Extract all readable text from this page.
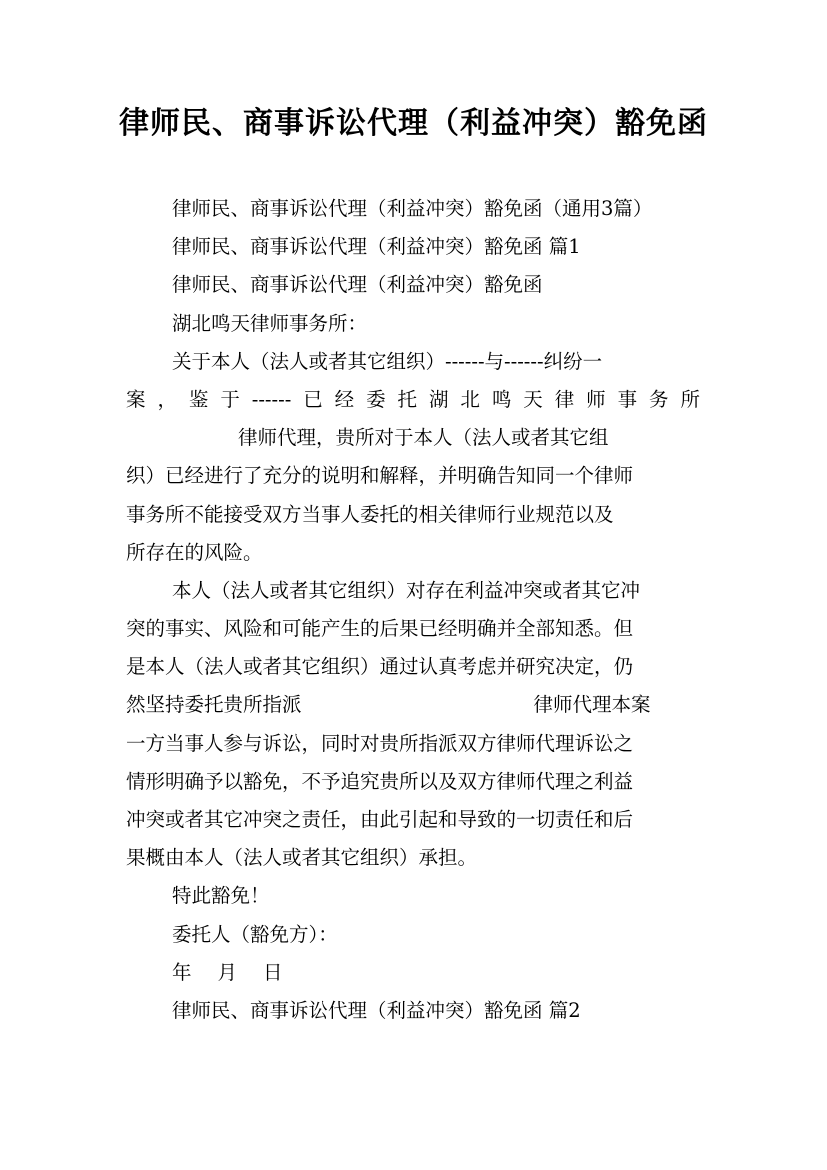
律师民、商事诉讼代理（利益冲突）豁免函
律师民、商事诉讼代理（利益冲突）豁免函（通用3篇）
律师民、商事诉讼代理（利益冲突）豁免函 篇1
律师民、商事诉讼代理（利益冲突）豁免函
湖北鸣天律师事务所：
关于本人（法人或者其它组织）------与------纠纷一
案，鉴于------已经委托湖北鸣天律师事务所
律师代理，贵所对于本人（法人或者其它组
织）已经进行了充分的说明和解释，并明确告知同一个律师
事务所不能接受双方当事人委托的相关律师行业规范以及
所存在的风险。
本人（法人或者其它组织）对存在利益冲突或者其它冲
突的事实、风险和可能产生的后果已经明确并全部知悉。但
是本人（法人或者其它组织）通过认真考虑并研究决定，仍
然坚持委托贵所指派	律师代理本案
一方当事人参与诉讼，同时对贵所指派双方律师代理诉讼之
情形明确予以豁免，不予追究贵所以及双方律师代理之利益
冲突或者其它冲突之责任，由此引起和导致的一切责任和后
果概由本人（法人或者其它组织）承担。
特此豁免！
委托人（豁免方）：
年 月 日
律师民、商事诉讼代理（利益冲突）豁免函 篇2
